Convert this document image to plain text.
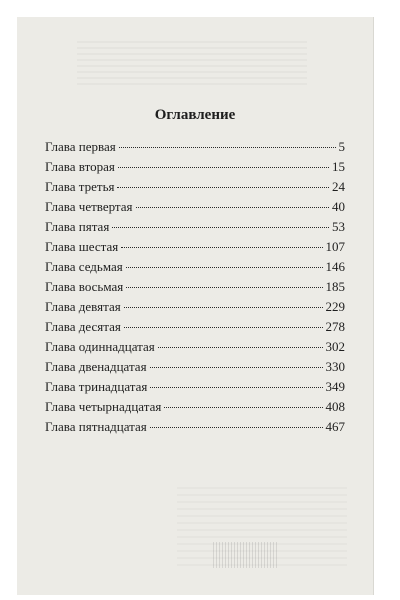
Оглавление
Глава первая	5
Глава вторая	15
Глава третья	24
Глава четвертая	40
Глава пятая	53
Глава шестая	107
Глава седьмая	146
Глава восьмая	185
Глава девятая	229
Глава десятая	278
Глава одиннадцатая	302
Глава двенадцатая	330
Глава тринадцатая	349
Глава четырнадцатая	408
Глава пятнадцатая	467
